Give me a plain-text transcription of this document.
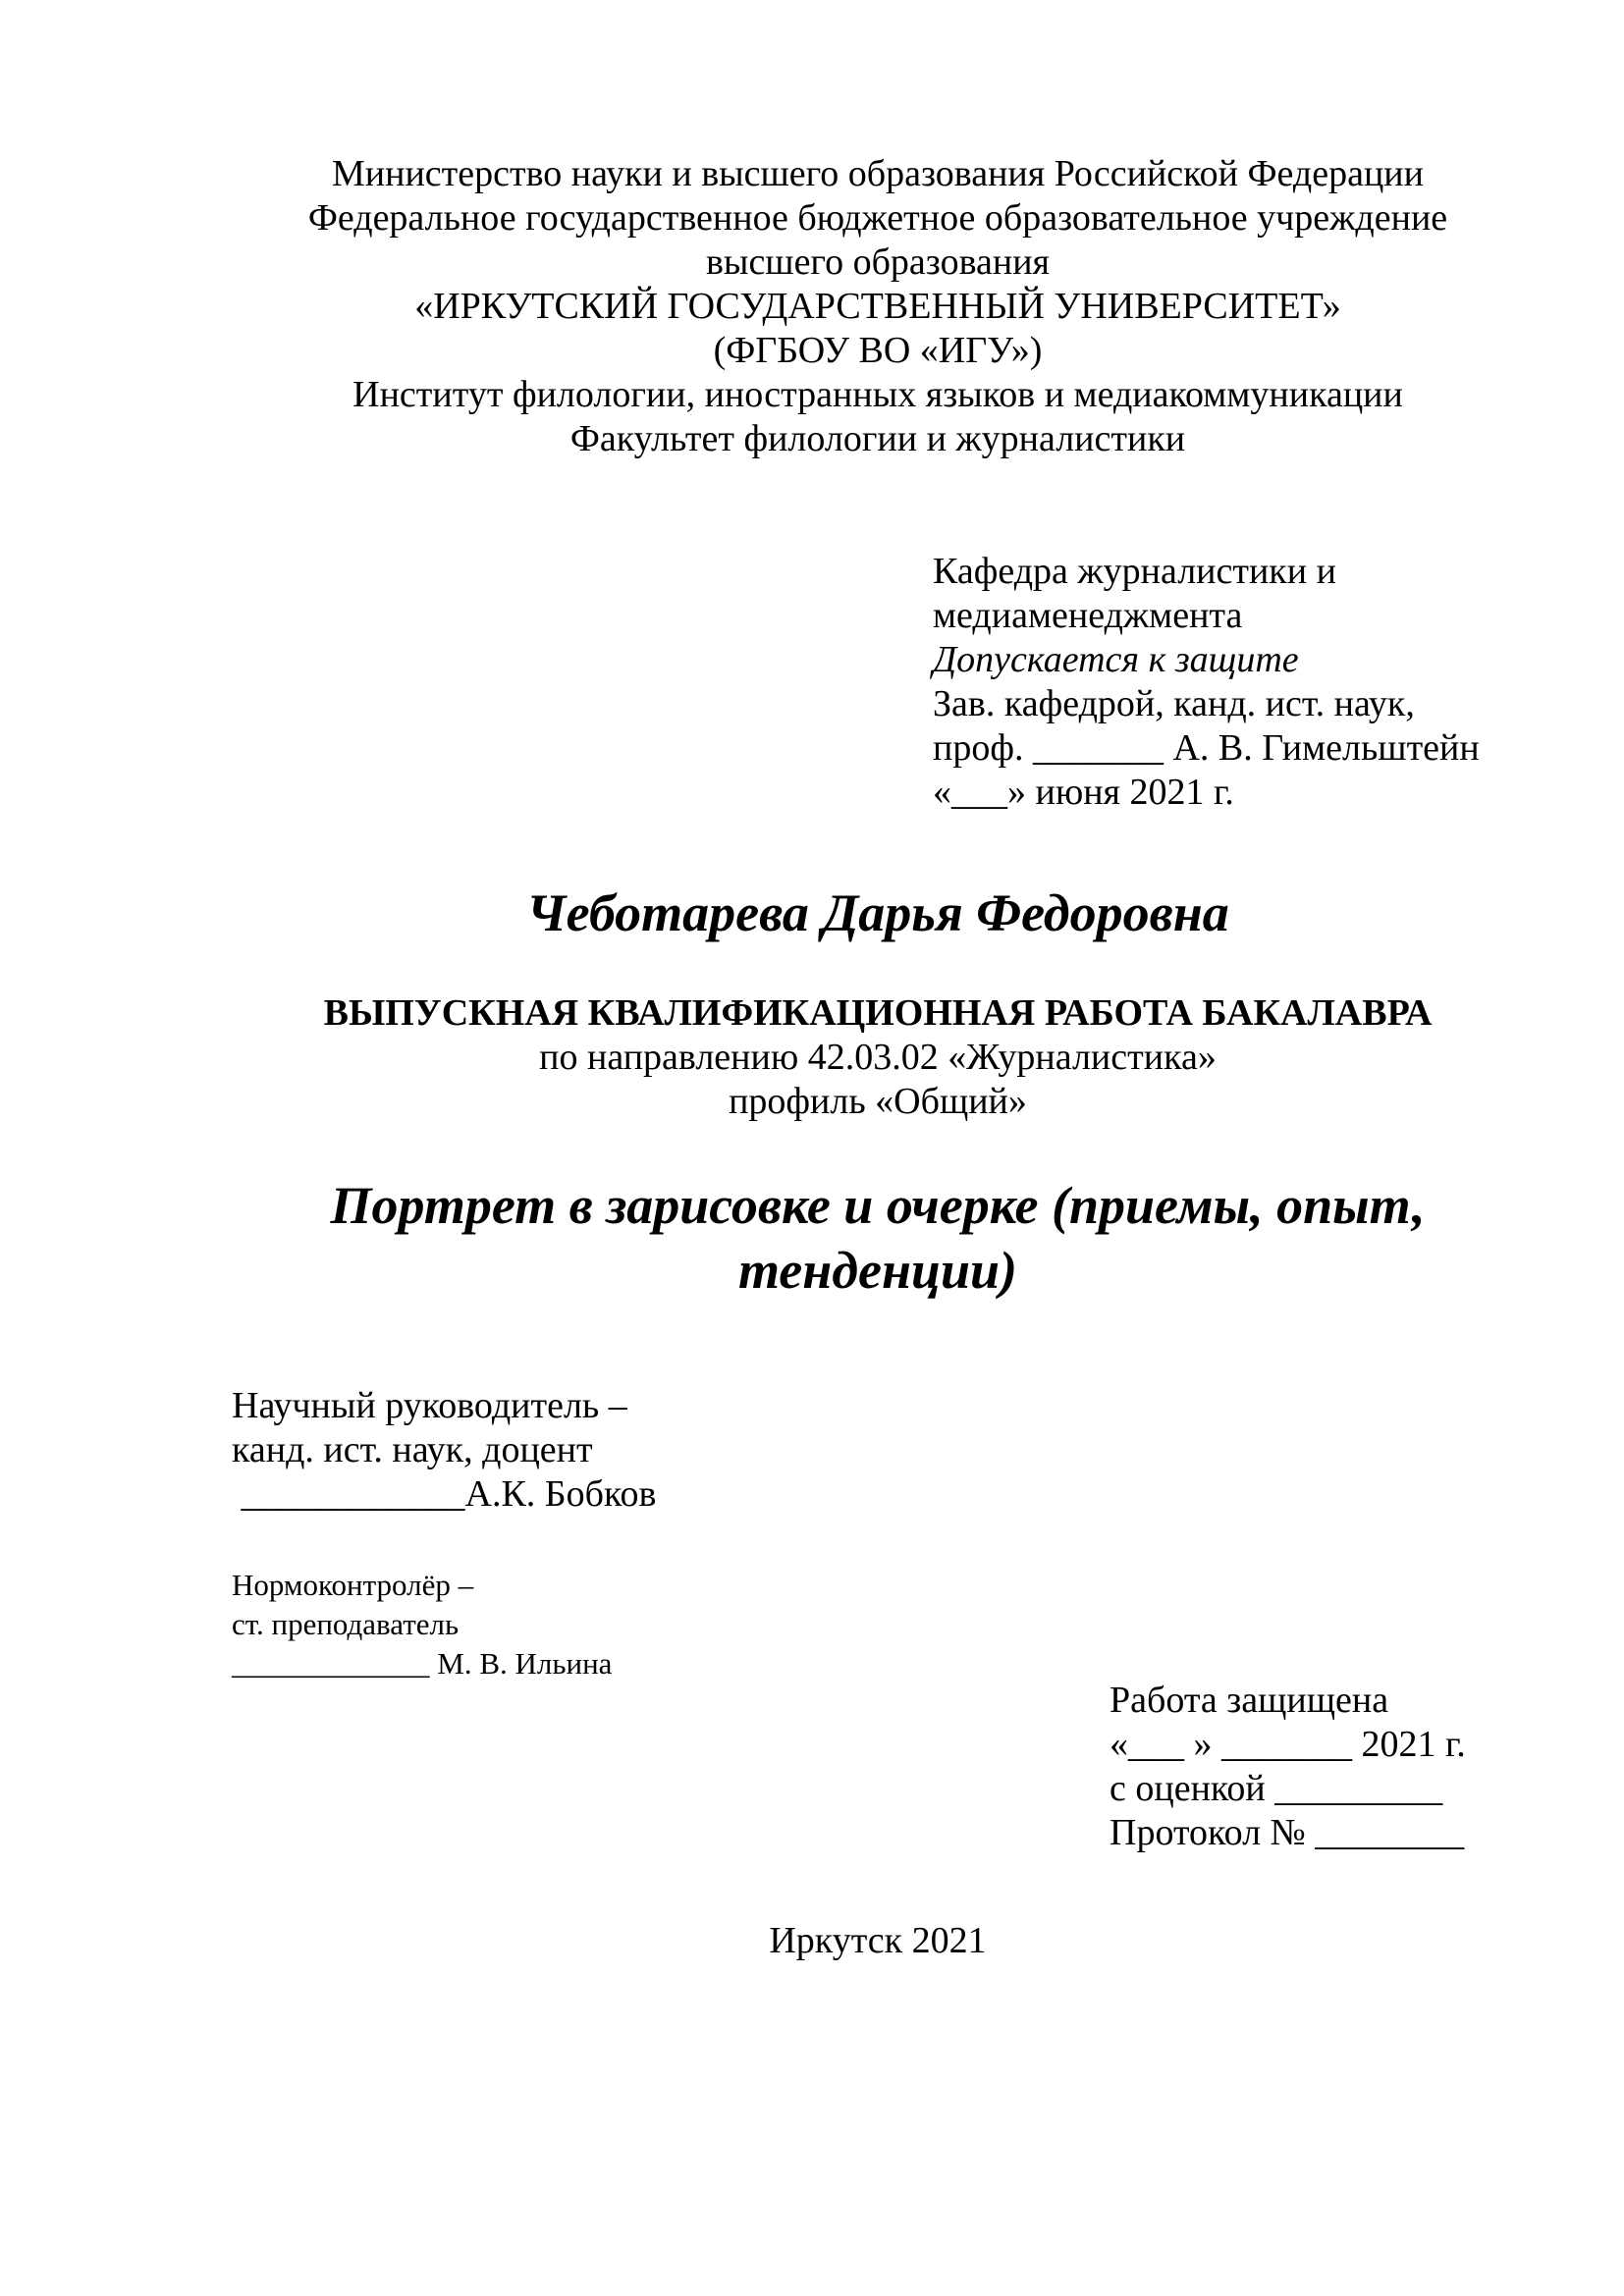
Министерство науки и высшего образования Российской Федерации
Федеральное государственное бюджетное образовательное учреждение
высшего образования
«ИРКУТСКИЙ ГОСУДАРСТВЕННЫЙ УНИВЕРСИТЕТ»
(ФГБОУ ВО «ИГУ»)
Институт филологии, иностранных языков и медиакоммуникации
Факультет филологии и журналистики
Кафедра журналистики и
медиаменеджмента
Допускается к защите
Зав. кафедрой, канд. ист. наук,
проф. _______ А. В. Гимельштейн
«___» июня 2021 г.
Чеботарева Дарья Федоровна
ВЫПУСКНАЯ КВАЛИФИКАЦИОННАЯ РАБОТА БАКАЛАВРА
по направлению 42.03.02 «Журналистика»
профиль «Общий»
Портрет в зарисовке и очерке (приемы, опыт,
тенденции)
Научный руководитель –
канд. ист. наук, доцент
____________А.К. Бобков
Нормоконтролёр –
ст. преподаватель
_____________ М. В. Ильина
Работа защищена
«___ » _______ 2021 г.
с оценкой _________
Протокол № ________
Иркутск 2021
